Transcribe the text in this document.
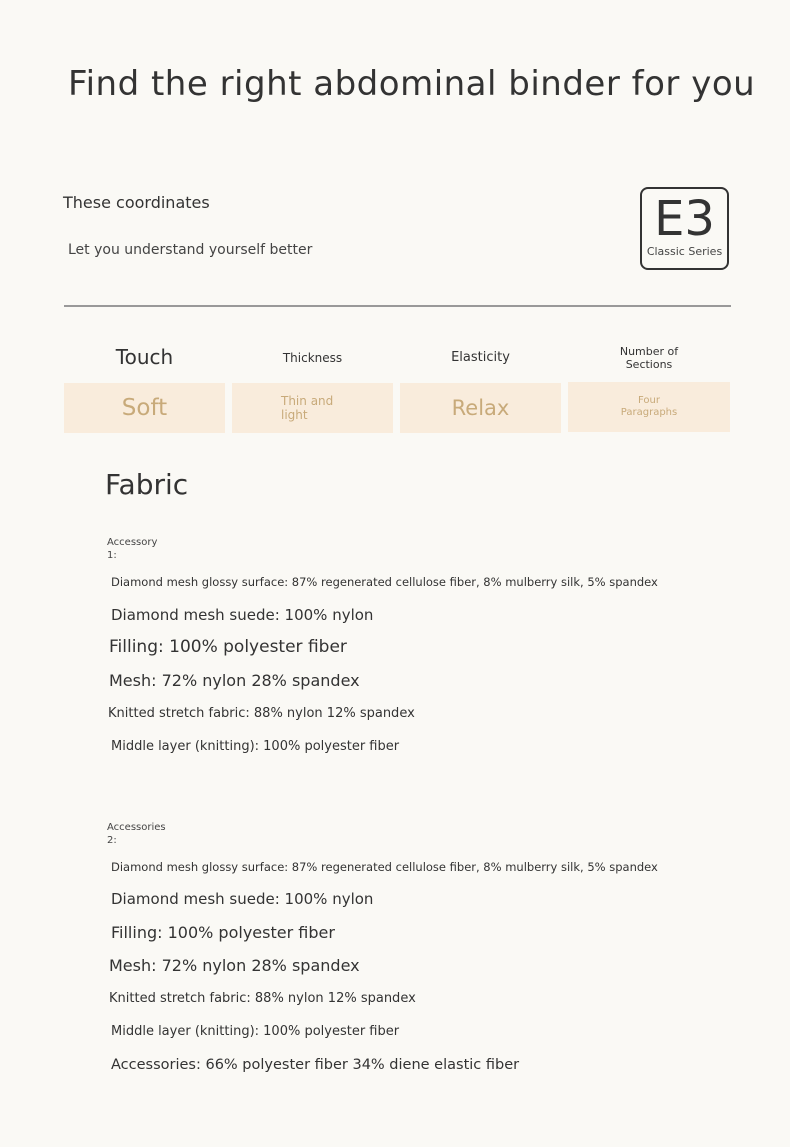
Find the right abdominal binder for you
These coordinates
Let you understand yourself better
E3
Classic Series
Touch	Thickness	Elasticity	Number of Sections
Soft	Thin and light	Relax	Four Paragraphs
Fabric
Accessory 1:
Diamond mesh glossy surface: 87% regenerated cellulose fiber, 8% mulberry silk, 5% spandex
Diamond mesh suede: 100% nylon
Filling: 100% polyester fiber
Mesh: 72% nylon 28% spandex
Knitted stretch fabric: 88% nylon 12% spandex
Middle layer (knitting): 100% polyester fiber
Accessories 2:
Diamond mesh glossy surface: 87% regenerated cellulose fiber, 8% mulberry silk, 5% spandex
Diamond mesh suede: 100% nylon
Filling: 100% polyester fiber
Mesh: 72% nylon 28% spandex
Knitted stretch fabric: 88% nylon 12% spandex
Middle layer (knitting): 100% polyester fiber
Accessories: 66% polyester fiber 34% diene elastic fiber
